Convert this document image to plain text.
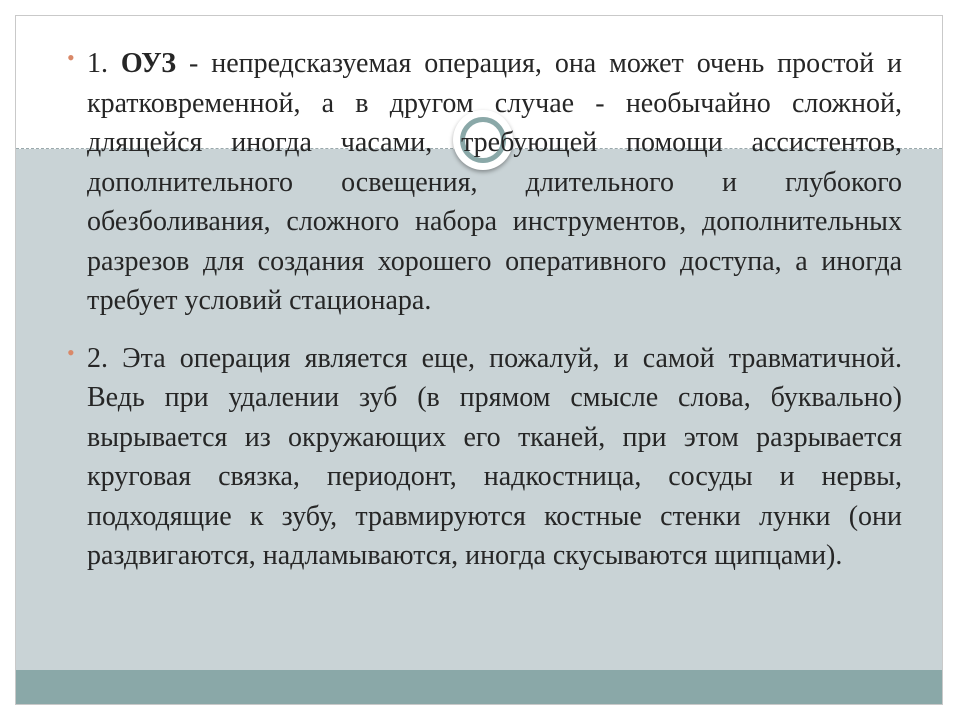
• 1. ОУЗ - непредсказуемая операция, она может очень простой и кратковременной, а в другом случае - необычайно сложной, длящейся иногда часами, требующей помощи ассистентов, дополнительного освещения, длительного и глубокого обезболивания, сложного набора инструментов, дополнительных разрезов для создания хорошего оперативного доступа, а иногда требует условий стационара.

• 2. Эта операция является еще, пожалуй, и самой травматичной. Ведь при удалении зуб (в прямом смысле слова, буквально) вырывается из окружающих его тканей, при этом разрывается круговая связка, периодонт, надкостница, сосуды и нервы, подходящие к зубу, травмируются костные стенки лунки (они раздвигаются, надламываются, иногда скусываются щипцами).
